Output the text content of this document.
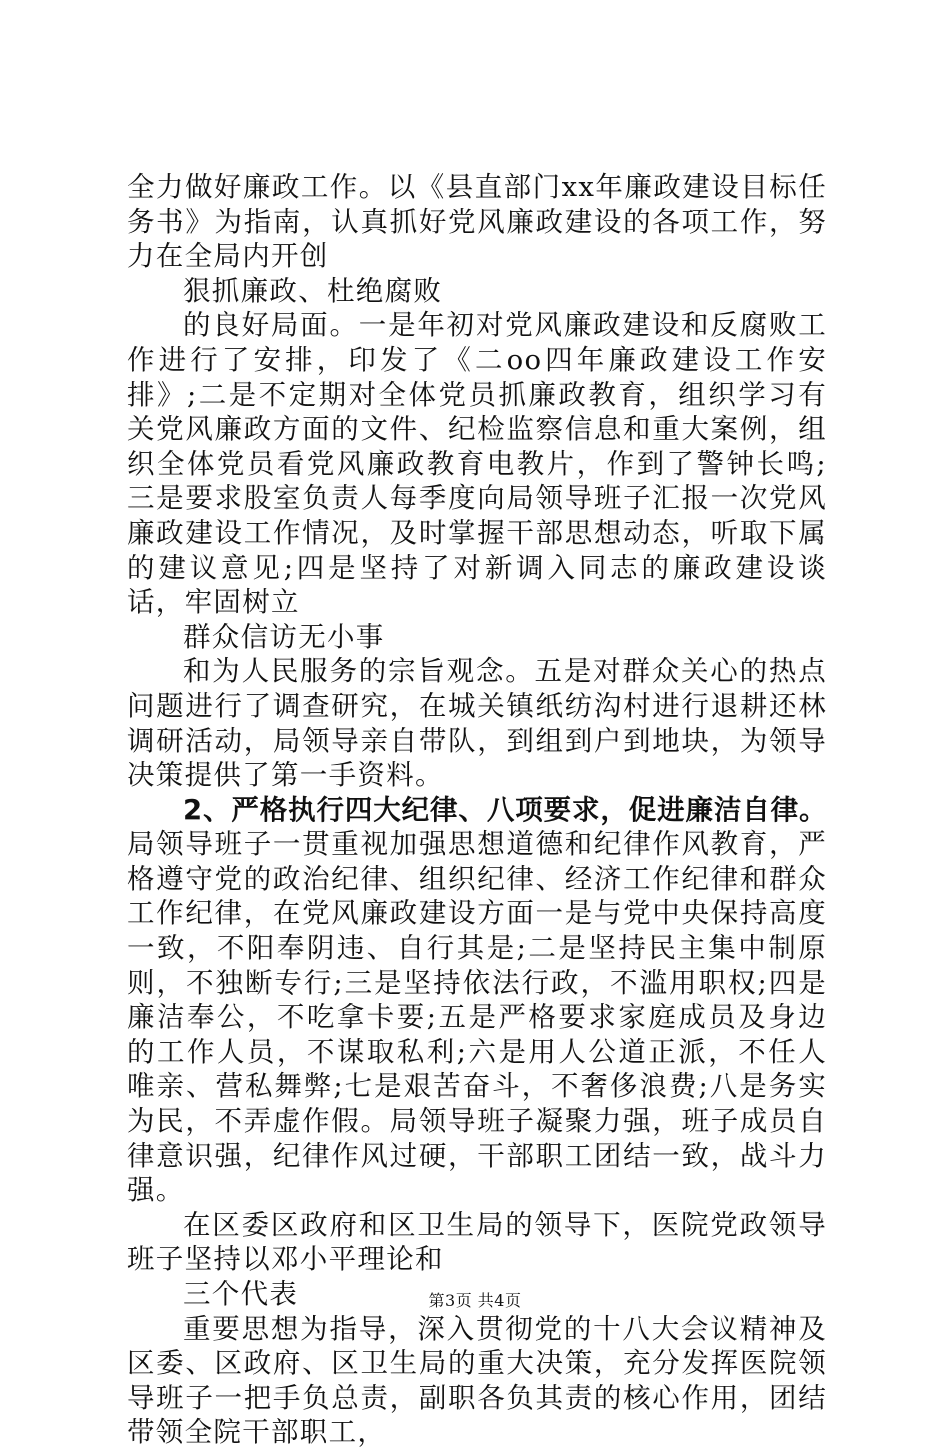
全力做好廉政工作。以《县直部门xx年廉政建设目标任务书》为指南，认真抓好党风廉政建设的各项工作，努力在全局内开创

狠抓廉政、杜绝腐败

的良好局面。一是年初对党风廉政建设和反腐败工作进行了安排，印发了《二oo四年廉政建设工作安排》;二是不定期对全体党员抓廉政教育，组织学习有关党风廉政方面的文件、纪检监察信息和重大案例，组织全体党员看党风廉政教育电教片，作到了警钟长鸣;三是要求股室负责人每季度向局领导班子汇报一次党风廉政建设工作情况，及时掌握干部思想动态，听取下属的建议意见;四是坚持了对新调入同志的廉政建设谈话，牢固树立

群众信访无小事

和为人民服务的宗旨观念。五是对群众关心的热点问题进行了调查研究，在城关镇纸纺沟村进行退耕还林调研活动，局领导亲自带队，到组到户到地块，为领导决策提供了第一手资料。

2、严格执行四大纪律、八项要求，促进廉洁自律。局领导班子一贯重视加强思想道德和纪律作风教育，严格遵守党的政治纪律、组织纪律、经济工作纪律和群众工作纪律，在党风廉政建设方面一是与党中央保持高度一致，不阳奉阴违、自行其是;二是坚持民主集中制原则，不独断专行;三是坚持依法行政，不滥用职权;四是廉洁奉公，不吃拿卡要;五是严格要求家庭成员及身边的工作人员，不谋取私利;六是用人公道正派，不任人唯亲、营私舞弊;七是艰苦奋斗，不奢侈浪费;八是务实为民，不弄虚作假。局领导班子凝聚力强，班子成员自律意识强，纪律作风过硬，干部职工团结一致，战斗力强。

在区委区政府和区卫生局的领导下，医院党政领导班子坚持以邓小平理论和

三个代表

重要思想为指导，深入贯彻党的十八大会议精神及区委、区政府、区卫生局的重大决策，充分发挥医院领导班子一把手负总责，副职各负其责的核心作用，团结带领全院干部职工，

第3页 共4页
